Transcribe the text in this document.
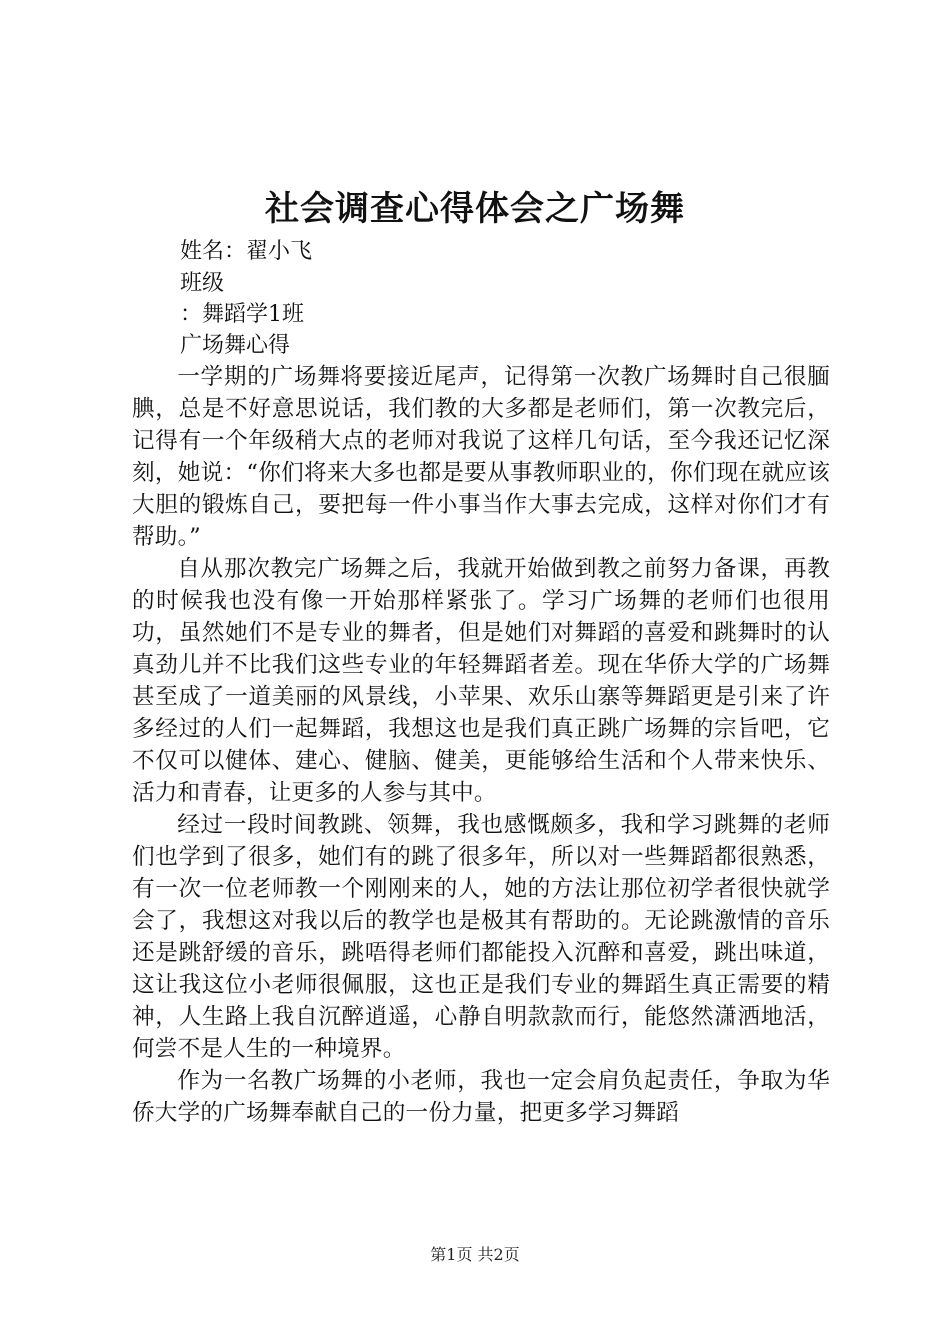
社会调查心得体会之广场舞
姓名：翟小飞
班级
：舞蹈学1班
广场舞心得

一学期的广场舞将要接近尾声，记得第一次教广场舞时自己很腼腆，总是不好意思说话，我们教的大多都是老师们，第一次教完后，记得有一个年级稍大点的老师对我说了这样几句话，至今我还记忆深刻，她说：“你们将来大多也都是要从事教师职业的，你们现在就应该大胆的锻炼自己，要把每一件小事当作大事去完成，这样对你们才有帮助。”

自从那次教完广场舞之后，我就开始做到教之前努力备课，再教的时候我也没有像一开始那样紧张了。学习广场舞的老师们也很用功，虽然她们不是专业的舞者，但是她们对舞蹈的喜爱和跳舞时的认真劲儿并不比我们这些专业的年轻舞蹈者差。现在华侨大学的广场舞甚至成了一道美丽的风景线，小苹果、欢乐山寨等舞蹈更是引来了许多经过的人们一起舞蹈，我想这也是我们真正跳广场舞的宗旨吧，它不仅可以健体、建心、健脑、健美，更能够给生活和个人带来快乐、活力和青春，让更多的人参与其中。

经过一段时间教跳、领舞，我也感慨颇多，我和学习跳舞的老师们也学到了很多，她们有的跳了很多年，所以对一些舞蹈都很熟悉，有一次一位老师教一个刚刚来的人，她的方法让那位初学者很快就学会了，我想这对我以后的教学也是极其有帮助的。无论跳激情的音乐还是跳舒缓的音乐，跳唔得老师们都能投入沉醉和喜爱，跳出味道，这让我这位小老师很佩服，这也正是我们专业的舞蹈生真正需要的精神，人生路上我自沉醉逍遥，心静自明款款而行，能悠然潇洒地活，何尝不是人生的一种境界。

作为一名教广场舞的小老师，我也一定会肩负起责任，争取为华侨大学的广场舞奉献自己的一份力量，把更多学习舞蹈

第1页 共2页
